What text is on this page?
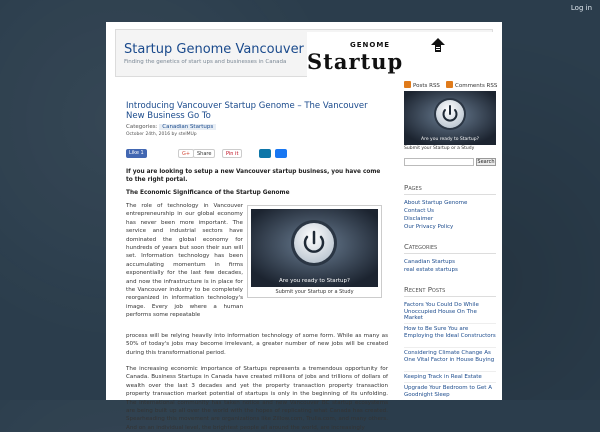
Log in
Startup Genome Vancouver
Finding the genetics of start ups and businesses in Canada
GENOME
Startup
Posts RSS	Comments RSS
Introducing Vancouver Startup Genome – The Vancouver New Business Go To
Categories: Canadian Startups
October 24th, 2016 by stelMUp
Like 1	G+	Share	Pin it
If you are looking to setup a new Vancouver startup business, you have come to the right portal.
The Economic Significance of the Startup Genome
The role of technology in Vancouver entrepreneurship in our global economy has never been more important. The service and industrial sectors have dominated the global economy for hundreds of years but soon their sun will set. Information technology has been accumulating momentum in firms exponentially for the last few decades, and now the infrastructure is in place for the Vancouver industry to be completely reorganized in information technology's image. Every job where a human performs some repeatable
Are you ready to Startup?
Submit your Startup or a Study
process will be relying heavily into information technology of some form. While as many as 50% of today's jobs may become irrelevant, a greater number of new jobs will be created during this transformational period.
The increasing economic importance of Startups represents a tremendous opportunity for Canada. Business Startups in Canada have created millions of jobs and trillions of dollars of wealth over the last 3 decades and yet the property transaction property transaction property transaction market potential of startups is only in the beginning of its unfolding. The international community has taken notice and new Vancouver BC startup ecosystems are being built up all over the world with the hopes of replicating what Canada has created. Spearheading this movement are organizations like Zillow.com, Trulia.com, and many others. And on an individual level, the brightest people all around the world, are increasingly
Are you ready to Startup?
Submit your Startup or a Study
Search
Pages
About Startup Genome
Contact Us
Disclaimer
Our Privacy Policy
Categories
Canadian Startups
real estate startups
Recent Posts
Factors You Could Do While Unoccupied House On The Market
How to Be Sure You are Employing the Ideal Constructors
Considering Climate Change As One Vital Factor in House Buying
Keeping Track in Real Estate
Upgrade Your Bedroom to Get A Goodnight Sleep
